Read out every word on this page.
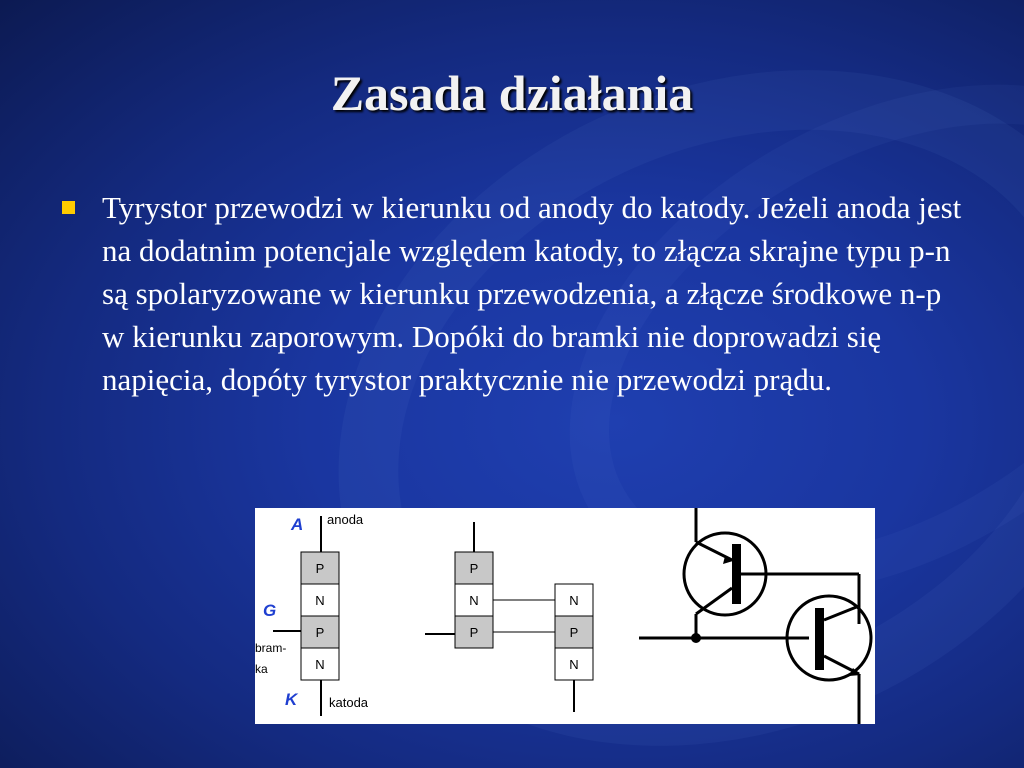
Zasada działania
Tyrystor przewodzi w kierunku od anody do katody. Jeżeli anoda jest na dodatnim potencjale względem katody, to złącza skrajne typu p-n są spolaryzowane w kierunku przewodzenia, a złącze środkowe n-p w kierunku zaporowym. Dopóki do bramki nie doprowadzi się napięcia, dopóty tyrystor praktycznie nie przewodzi prądu.
A anoda
P
N
P
N
G
bram-
ka
K katoda
P
N
P
N
P
N
